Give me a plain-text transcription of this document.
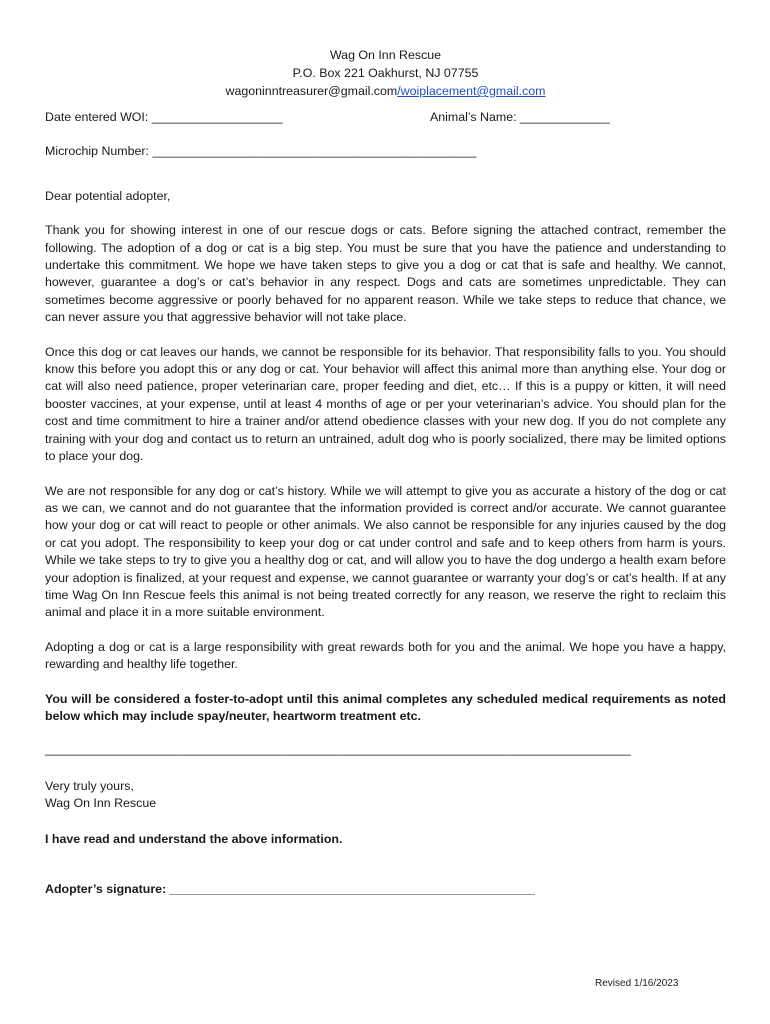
Wag On Inn Rescue
P.O. Box 221 Oakhurst, NJ 07755
wagoninntreasurer@gmail.com/woiplacement@gmail.com
Date entered WOI: ___________________	Animal’s Name: _____________
Microchip Number: _______________________________________________

Dear potential adopter,

Thank you for showing interest in one of our rescue dogs or cats. Before signing the attached contract, remember the following. The adoption of a dog or cat is a big step. You must be sure that you have the patience and understanding to undertake this commitment. We hope we have taken steps to give you a dog or cat that is safe and healthy. We cannot, however, guarantee a dog’s or cat’s behavior in any respect. Dogs and cats are sometimes unpredictable. They can sometimes become aggressive or poorly behaved for no apparent reason. While we take steps to reduce that chance, we can never assure you that aggressive behavior will not take place.

Once this dog or cat leaves our hands, we cannot be responsible for its behavior. That responsibility falls to you. You should know this before you adopt this or any dog or cat. Your behavior will affect this animal more than anything else. Your dog or cat will also need patience, proper veterinarian care, proper feeding and diet, etc… If this is a puppy or kitten, it will need booster vaccines, at your expense, until at least 4 months of age or per your veterinarian’s advice. You should plan for the cost and time commitment to hire a trainer and/or attend obedience classes with your new dog. If you do not complete any training with your dog and contact us to return an untrained, adult dog who is poorly socialized, there may be limited options to place your dog.

We are not responsible for any dog or cat’s history. While we will attempt to give you as accurate a history of the dog or cat as we can, we cannot and do not guarantee that the information provided is correct and/or accurate. We cannot guarantee how your dog or cat will react to people or other animals. We also cannot be responsible for any injuries caused by the dog or cat you adopt. The responsibility to keep your dog or cat under control and safe and to keep others from harm is yours. While we take steps to try to give you a healthy dog or cat, and will allow you to have the dog undergo a health exam before your adoption is finalized, at your request and expense, we cannot guarantee or warranty your dog’s or cat’s health. If at any time Wag On Inn Rescue feels this animal is not being treated correctly for any reason, we reserve the right to reclaim this animal and place it in a more suitable environment.

Adopting a dog or cat is a large responsibility with great rewards both for you and the animal. We hope you have a happy, rewarding and healthy life together.

You will be considered a foster-to-adopt until this animal completes any scheduled medical requirements as noted below which may include spay/neuter, heartworm treatment etc.

_____________________________________________________________________________________
Very truly yours,
Wag On Inn Rescue
I have read and understand the above information.
Adopter’s signature: _____________________________________________________
Revised 1/16/2023
